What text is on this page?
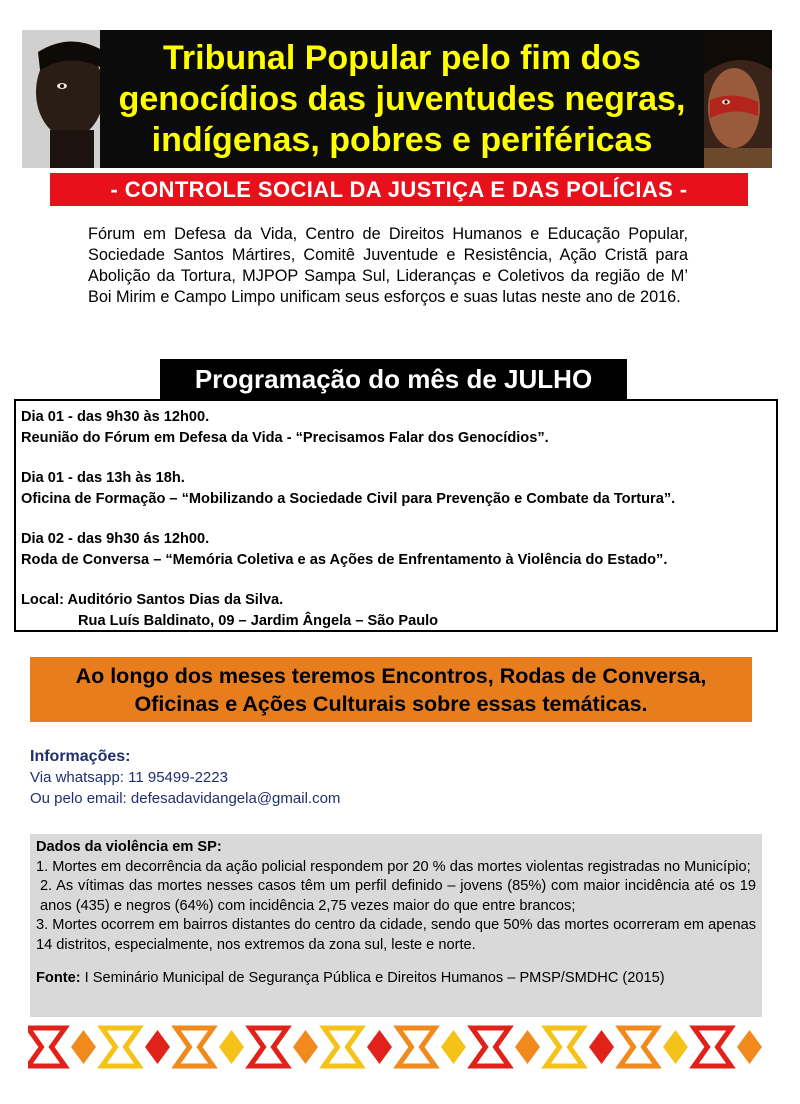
Tribunal Popular pelo fim dos
genocídios das juventudes negras,
indígenas, pobres e periféricas
- CONTROLE SOCIAL DA JUSTIÇA E DAS POLÍCIAS -
Fórum em Defesa da Vida, Centro de Direitos Humanos e Educação Popular, Sociedade Santos Mártires, Comitê Juventude e Resistência, Ação Cristã para Abolição da Tortura, MJPOP Sampa Sul, Lideranças e Coletivos da região de M’ Boi Mirim e Campo Limpo unificam seus esforços e suas lutas neste ano de 2016.
Programação do mês de JULHO
Dia 01 - das 9h30 às 12h00.
Reunião do Fórum em Defesa da Vida - “Precisamos Falar dos Genocídios”.
Dia 01 - das 13h às 18h.
Oficina de Formação – “Mobilizando a Sociedade Civil para Prevenção e Combate da Tortura”.
Dia 02 - das 9h30 ás 12h00.
Roda de Conversa – “Memória Coletiva e as Ações de Enfrentamento à Violência do Estado”.
Local: Auditório Santos Dias da Silva.
Rua Luís Baldinato, 09 – Jardim Ângela – São Paulo
Ao longo dos meses teremos Encontros, Rodas de Conversa,
Oficinas e Ações Culturais sobre essas temáticas.
Informações:
Via whatsapp: 11 95499-2223
Ou pelo email: defesadavidangela@gmail.com
Dados da violência em SP:
1. Mortes em decorrência da ação policial respondem por 20 % das mortes violentas registradas no Município;
2. As vítimas das mortes nesses casos têm um perfil definido – jovens (85%) com maior incidência até os 19 anos (435) e negros (64%) com incidência 2,75 vezes maior do que entre brancos;
3. Mortes ocorrem em bairros distantes do centro da cidade, sendo que 50% das mortes ocorreram em apenas 14 distritos, especialmente, nos extremos da zona sul, leste e norte.
Fonte: I Seminário Municipal de Segurança Pública e Direitos Humanos – PMSP/SMDHC (2015)
